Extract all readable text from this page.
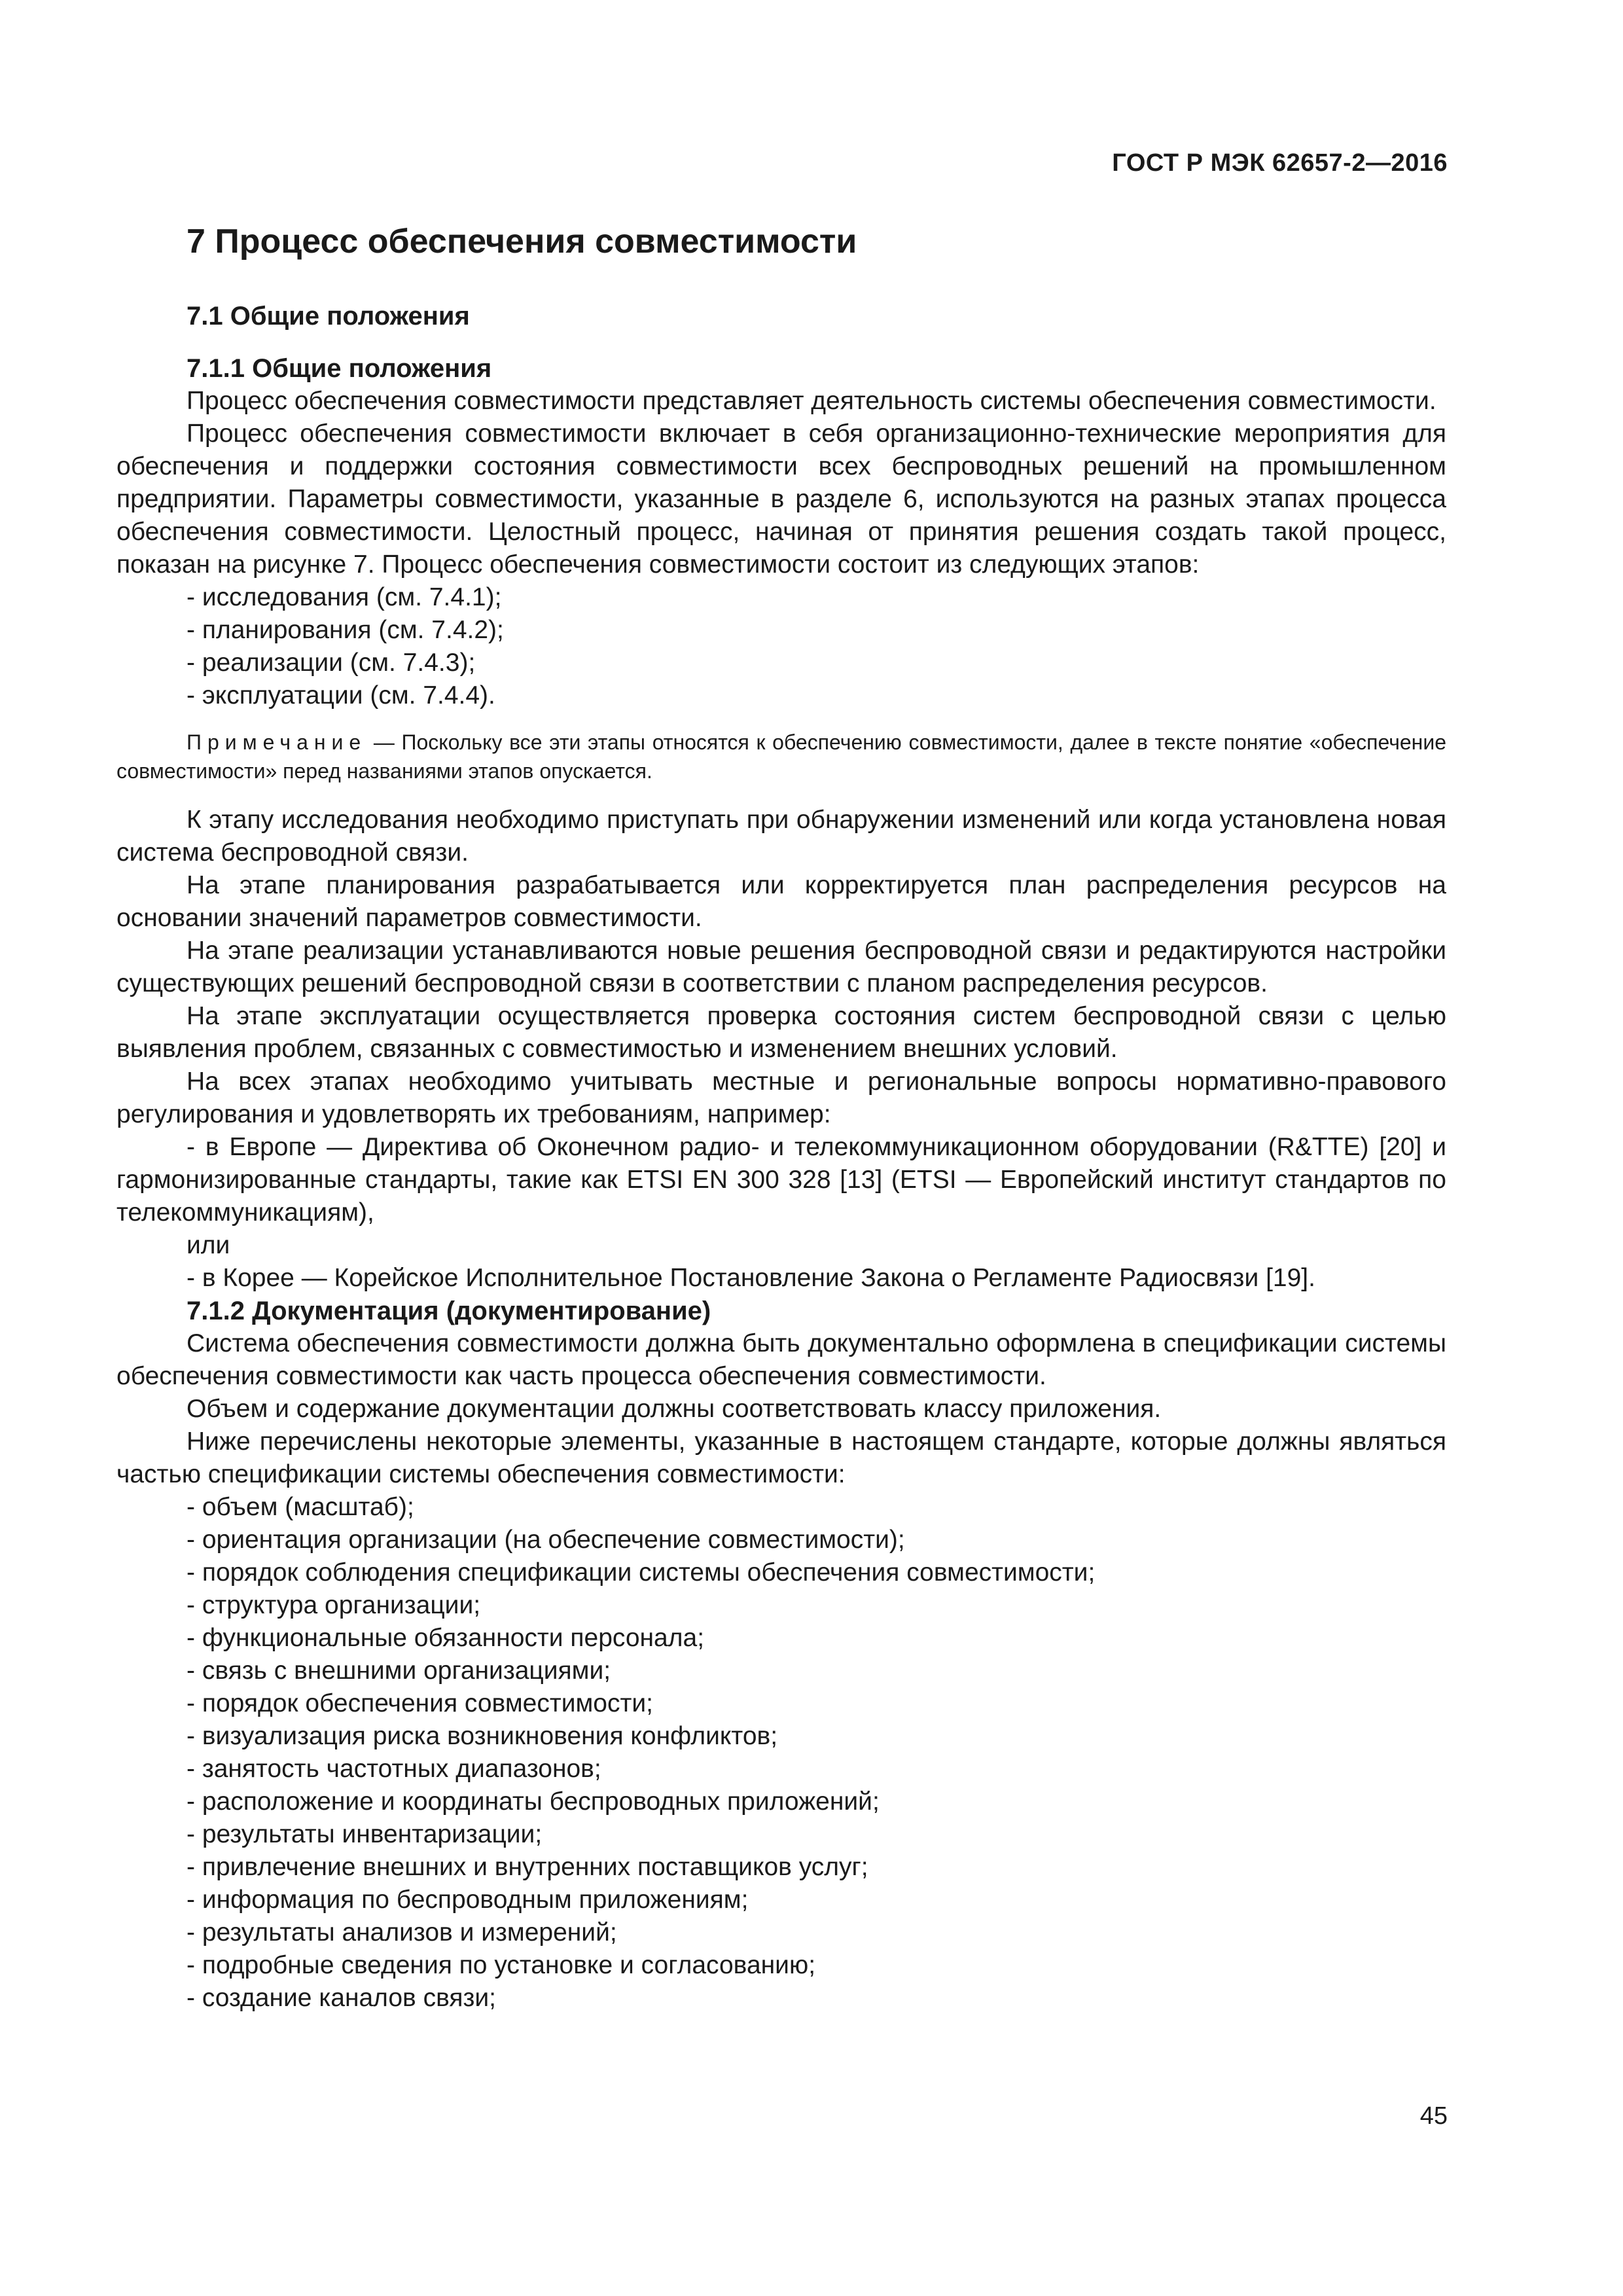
ГОСТ Р МЭК 62657-2—2016
7 Процесс обеспечения совместимости
7.1 Общие положения
7.1.1 Общие положения

Процесс обеспечения совместимости представляет деятельность системы обеспечения совместимости.

Процесс обеспечения совместимости включает в себя организационно-технические мероприятия для обеспечения и поддержки состояния совместимости всех беспроводных решений на промышленном предприятии. Параметры совместимости, указанные в разделе 6, используются на разных этапах процесса обеспечения совместимости. Целостный процесс, начиная от принятия решения создать такой процесс, показан на рисунке 7. Процесс обеспечения совместимости состоит из следующих этапов:

- исследования (см. 7.4.1);
- планирования (см. 7.4.2);
- реализации (см. 7.4.3);
- эксплуатации (см. 7.4.4).

Примечание — Поскольку все эти этапы относятся к обеспечению совместимости, далее в тексте понятие «обеспечение совместимости» перед названиями этапов опускается.

К этапу исследования необходимо приступать при обнаружении изменений или когда установлена новая система беспроводной связи.

На этапе планирования разрабатывается или корректируется план распределения ресурсов на основании значений параметров совместимости.

На этапе реализации устанавливаются новые решения беспроводной связи и редактируются настройки существующих решений беспроводной связи в соответствии с планом распределения ресурсов.

На этапе эксплуатации осуществляется проверка состояния систем беспроводной связи с целью выявления проблем, связанных с совместимостью и изменением внешних условий.

На всех этапах необходимо учитывать местные и региональные вопросы нормативно-правового регулирования и удовлетворять их требованиям, например:

- в Европе — Директива об Оконечном радио- и телекоммуникационном оборудовании (R&TTE) [20] и гармонизированные стандарты, такие как ETSI EN 300 328 [13] (ETSI — Европейский институт стандартов по телекоммуникациям),

или
- в Корее — Корейское Исполнительное Постановление Закона о Регламенте Радиосвязи [19].
7.1.2 Документация (документирование)

Система обеспечения совместимости должна быть документально оформлена в спецификации системы обеспечения совместимости как часть процесса обеспечения совместимости.

Объем и содержание документации должны соответствовать классу приложения.

Ниже перечислены некоторые элементы, указанные в настоящем стандарте, которые должны являться частью спецификации системы обеспечения совместимости:

- объем (масштаб);
- ориентация организации (на обеспечение совместимости);
- порядок соблюдения спецификации системы обеспечения совместимости;
- структура организации;
- функциональные обязанности персонала;
- связь с внешними организациями;
- порядок обеспечения совместимости;
- визуализация риска возникновения конфликтов;
- занятость частотных диапазонов;
- расположение и координаты беспроводных приложений;
- результаты инвентаризации;
- привлечение внешних и внутренних поставщиков услуг;
- информация по беспроводным приложениям;
- результаты анализов и измерений;
- подробные сведения по установке и согласованию;
- создание каналов связи;
45
